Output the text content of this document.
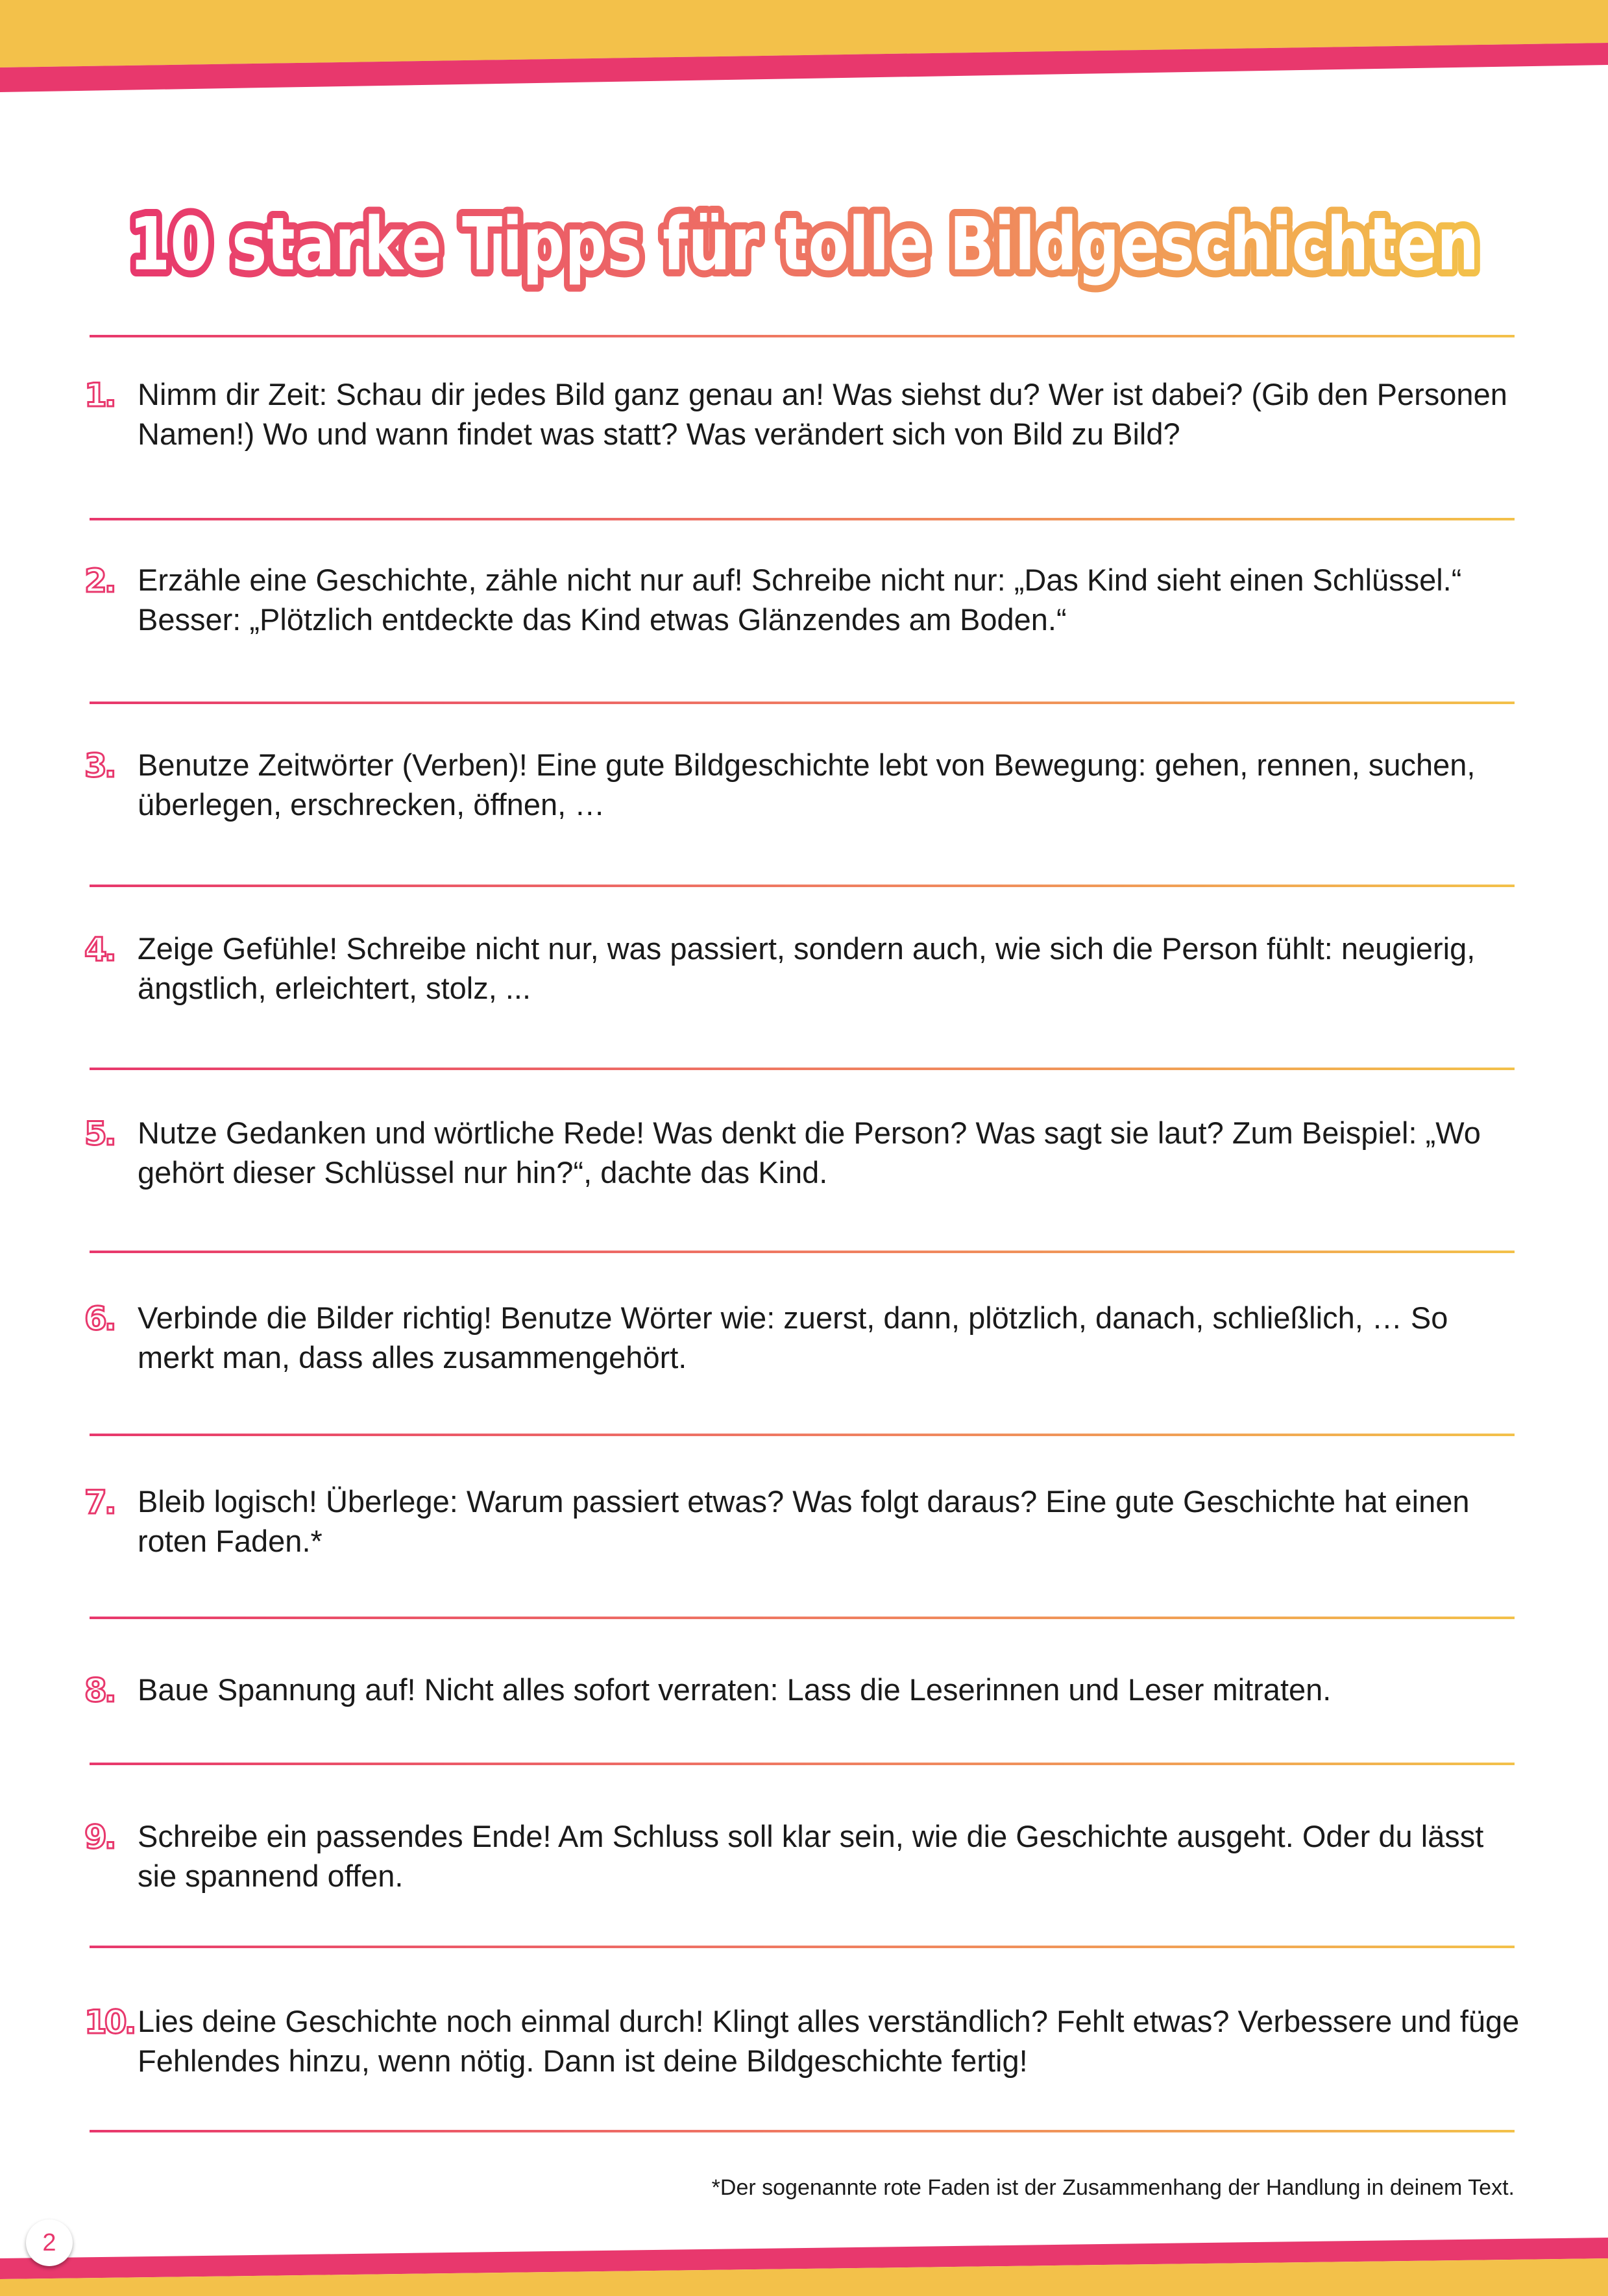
10 starke Tipps für tolle Bildgeschichten
10 starke Tipps für tolle Bildgeschichten
1. Nimm dir Zeit: Schau dir jedes Bild ganz genau an! Was siehst du? Wer ist dabei? (Gib den Personen Namen!) Wo und wann findet was statt? Was verändert sich von Bild zu Bild?
2. Erzähle eine Geschichte, zähle nicht nur auf! Schreibe nicht nur: „Das Kind sieht einen Schlüssel.“ Besser: „Plötzlich entdeckte das Kind etwas Glänzendes am Boden.“
3. Benutze Zeitwörter (Verben)! Eine gute Bildgeschichte lebt von Bewegung: gehen, rennen, suchen, überlegen, erschrecken, öffnen, …
4. Zeige Gefühle! Schreibe nicht nur, was passiert, sondern auch, wie sich die Person fühlt: neugierig, ängstlich, erleichtert, stolz, ...
5. Nutze Gedanken und wörtliche Rede! Was denkt die Person? Was sagt sie laut? Zum Beispiel: „Wo gehört dieser Schlüssel nur hin?“, dachte das Kind.
6. Verbinde die Bilder richtig! Benutze Wörter wie: zuerst, dann, plötzlich, danach, schließlich, … So merkt man, dass alles zusammengehört.
7. Bleib logisch! Überlege: Warum passiert etwas? Was folgt daraus? Eine gute Geschichte hat einen roten Faden.*
8. Baue Spannung auf! Nicht alles sofort verraten: Lass die Leserinnen und Leser mitraten.
9. Schreibe ein passendes Ende! Am Schluss soll klar sein, wie die Geschichte ausgeht. Oder du lässt sie spannend offen.
10. Lies deine Geschichte noch einmal durch! Klingt alles verständlich? Fehlt etwas? Verbessere und füge Fehlendes hinzu, wenn nötig. Dann ist deine Bildgeschichte fertig!
*Der sogenannte rote Faden ist der Zusammenhang der Handlung in deinem Text.
2
